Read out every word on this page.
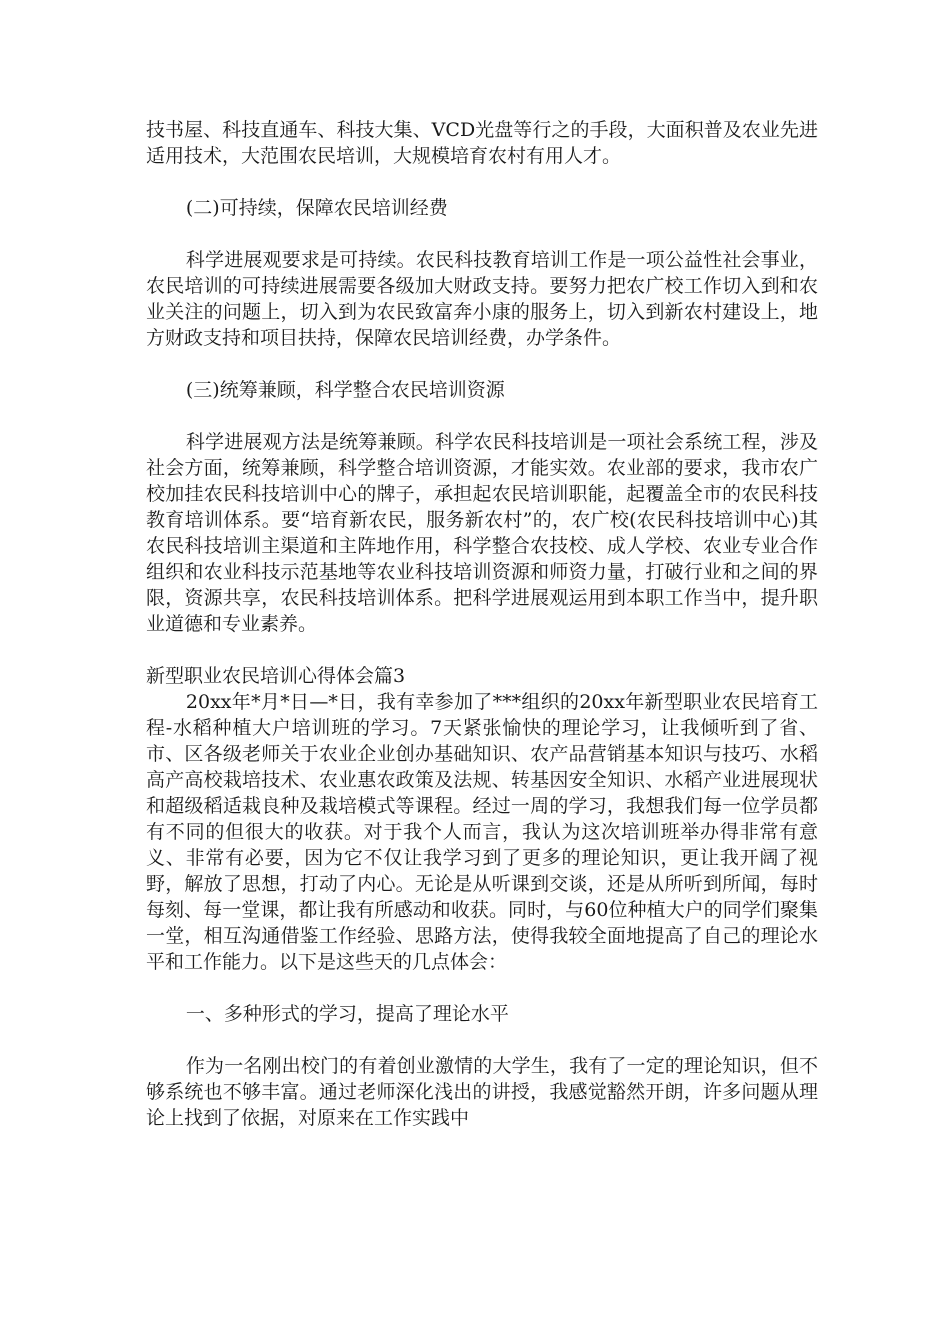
技书屋、科技直通车、科技大集、VCD光盘等行之的手段，大面积普及农业先进适用技术，大范围农民培训，大规模培育农村有用人才。

(二)可持续，保障农民培训经费

科学进展观要求是可持续。农民科技教育培训工作是一项公益性社会事业，农民培训的可持续进展需要各级加大财政支持。要努力把农广校工作切入到和农业关注的问题上，切入到为农民致富奔小康的服务上，切入到新农村建设上，地方财政支持和项目扶持，保障农民培训经费，办学条件。

(三)统筹兼顾，科学整合农民培训资源

科学进展观方法是统筹兼顾。科学农民科技培训是一项社会系统工程，涉及社会方面，统筹兼顾，科学整合培训资源，才能实效。农业部的要求，我市农广校加挂农民科技培训中心的牌子，承担起农民培训职能，起覆盖全市的农民科技教育培训体系。要“培育新农民，服务新农村”的，农广校(农民科技培训中心)其农民科技培训主渠道和主阵地作用，科学整合农技校、成人学校、农业专业合作组织和农业科技示范基地等农业科技培训资源和师资力量，打破行业和之间的界限，资源共享，农民科技培训体系。把科学进展观运用到本职工作当中，提升职业道德和专业素养。

新型职业农民培训心得体会篇3

20xx年*月*日—*日，我有幸参加了***组织的20xx年新型职业农民培育工程-水稻种植大户培训班的学习。7天紧张愉快的理论学习，让我倾听到了省、市、区各级老师关于农业企业创办基础知识、农产品营销基本知识与技巧、水稻高产高校栽培技术、农业惠农政策及法规、转基因安全知识、水稻产业进展现状和超级稻适栽良种及栽培模式等课程。经过一周的学习，我想我们每一位学员都有不同的但很大的收获。对于我个人而言，我认为这次培训班举办得非常有意义、非常有必要，因为它不仅让我学习到了更多的理论知识，更让我开阔了视野，解放了思想，打动了内心。无论是从听课到交谈，还是从所听到所闻，每时每刻、每一堂课，都让我有所感动和收获。同时，与60位种植大户的同学们聚集一堂，相互沟通借鉴工作经验、思路方法，使得我较全面地提高了自己的理论水平和工作能力。以下是这些天的几点体会：

一、多种形式的学习，提高了理论水平

作为一名刚出校门的有着创业激情的大学生，我有了一定的理论知识，但不够系统也不够丰富。通过老师深化浅出的讲授，我感觉豁然开朗，许多问题从理论上找到了依据，对原来在工作实践中
